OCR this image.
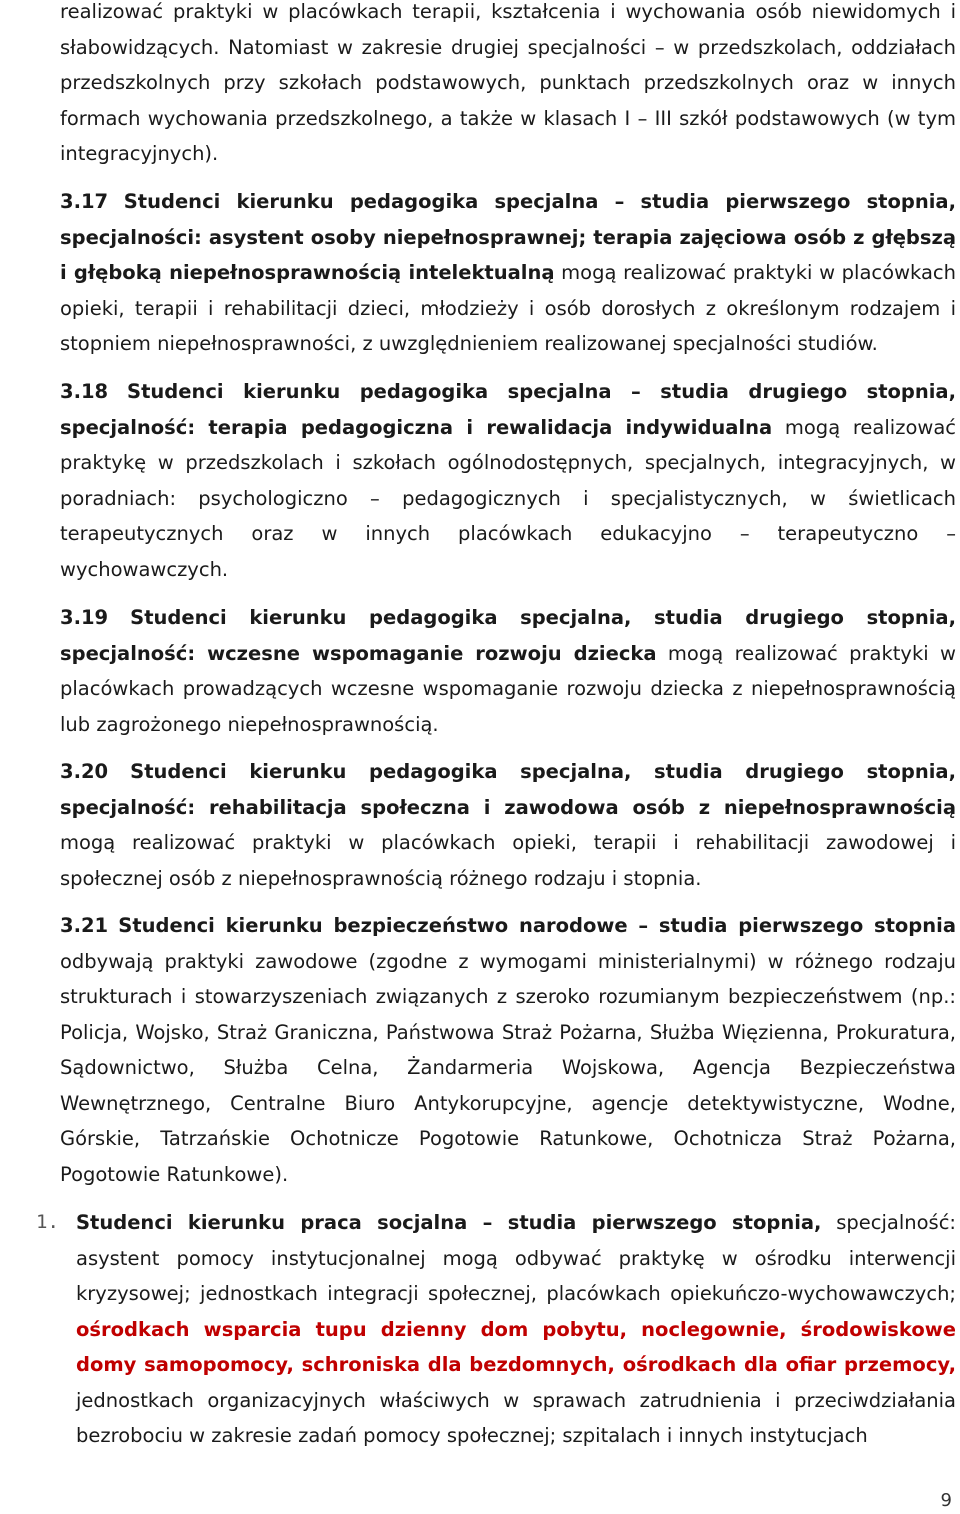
realizować praktyki w placówkach terapii, kształcenia i wychowania osób niewidomych i słabowidzących. Natomiast w zakresie drugiej specjalności – w przedszkolach, oddziałach przedszkolnych przy szkołach podstawowych, punktach przedszkolnych oraz w innych formach wychowania przedszkolnego, a także w klasach I – III szkół podstawowych (w tym integracyjnych).

3.17 Studenci kierunku pedagogika specjalna – studia pierwszego stopnia, specjalności: asystent osoby niepełnosprawnej; terapia zajęciowa osób z głębszą i głęboką niepełnosprawnością intelektualną mogą realizować praktyki w placówkach opieki, terapii i rehabilitacji dzieci, młodzieży i osób dorosłych z określonym rodzajem i stopniem niepełnosprawności, z uwzględnieniem realizowanej specjalności studiów.

3.18 Studenci kierunku pedagogika specjalna – studia drugiego stopnia, specjalność: terapia pedagogiczna i rewalidacja indywidualna mogą realizować praktykę w przedszkolach i szkołach ogólnodostępnych, specjalnych, integracyjnych, w poradniach: psychologiczno – pedagogicznych i specjalistycznych, w świetlicach terapeutycznych oraz w innych placówkach edukacyjno – terapeutyczno – wychowawczych.

3.19 Studenci kierunku pedagogika specjalna, studia drugiego stopnia, specjalność: wczesne wspomaganie rozwoju dziecka mogą realizować praktyki w placówkach prowadzących wczesne wspomaganie rozwoju dziecka z niepełnosprawnością lub zagrożonego niepełnosprawnością.

3.20 Studenci kierunku pedagogika specjalna, studia drugiego stopnia, specjalność: rehabilitacja społeczna i zawodowa osób z niepełnosprawnością mogą realizować praktyki w placówkach opieki, terapii i rehabilitacji zawodowej i społecznej osób z niepełnosprawnością różnego rodzaju i stopnia.

3.21 Studenci kierunku bezpieczeństwo narodowe – studia pierwszego stopnia odbywają praktyki zawodowe (zgodne z wymogami ministerialnymi) w różnego rodzaju strukturach i stowarzyszeniach związanych z szeroko rozumianym bezpieczeństwem (np.: Policja, Wojsko, Straż Graniczna, Państwowa Straż Pożarna, Służba Więzienna, Prokuratura, Sądownictwo, Służba Celna, Żandarmeria Wojskowa, Agencja Bezpieczeństwa Wewnętrznego, Centralne Biuro Antykorupcyjne, agencje detektywistyczne, Wodne, Górskie, Tatrzańskie Ochotnicze Pogotowie Ratunkowe, Ochotnicza Straż Pożarna, Pogotowie Ratunkowe).

1. Studenci kierunku praca socjalna – studia pierwszego stopnia, specjalność: asystent pomocy instytucjonalnej mogą odbywać praktykę w ośrodku interwencji kryzysowej; jednostkach integracji społecznej, placówkach opiekuńczo-wychowawczych; ośrodkach wsparcia tupu dzienny dom pobytu, noclegownie, środowiskowe domy samopomocy, schroniska dla bezdomnych, ośrodkach dla ofiar przemocy, jednostkach organizacyjnych właściwych w sprawach zatrudnienia i przeciwdziałania bezrobociu w zakresie zadań pomocy społecznej; szpitalach i innych instytucjach

9
